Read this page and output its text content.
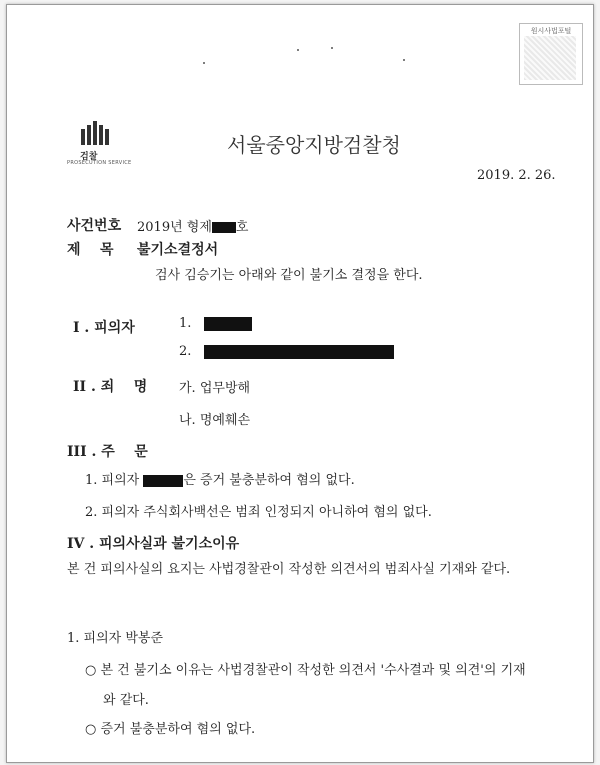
원시사법포털
검찰
PROSECUTION SERVICE
서울중앙지방검찰청
2019. 2. 26.
사건번호 2019년 형제 호
제    목 불기소결정서
검사 김승기는 아래와 같이 불기소 결정을 한다.
I . 피의자	1.
2.
II . 죄    명 가. 업무방해
나. 명예훼손
III . 주    문
1. 피의자	은 증거 불충분하여 혐의 없다.
2. 피의자 주식회사백선은 범죄 인정되지 아니하여 혐의 없다.
IV . 피의사실과 불기소이유
본 건 피의사실의 요지는 사법경찰관이 작성한 의견서의 범죄사실 기재와 같다.
1. 피의자 박봉준
○ 본 건 불기소 이유는 사법경찰관이 작성한 의견서 '수사결과 및 의견'의 기재
와 같다.
○ 증거 불충분하여 혐의 없다.
